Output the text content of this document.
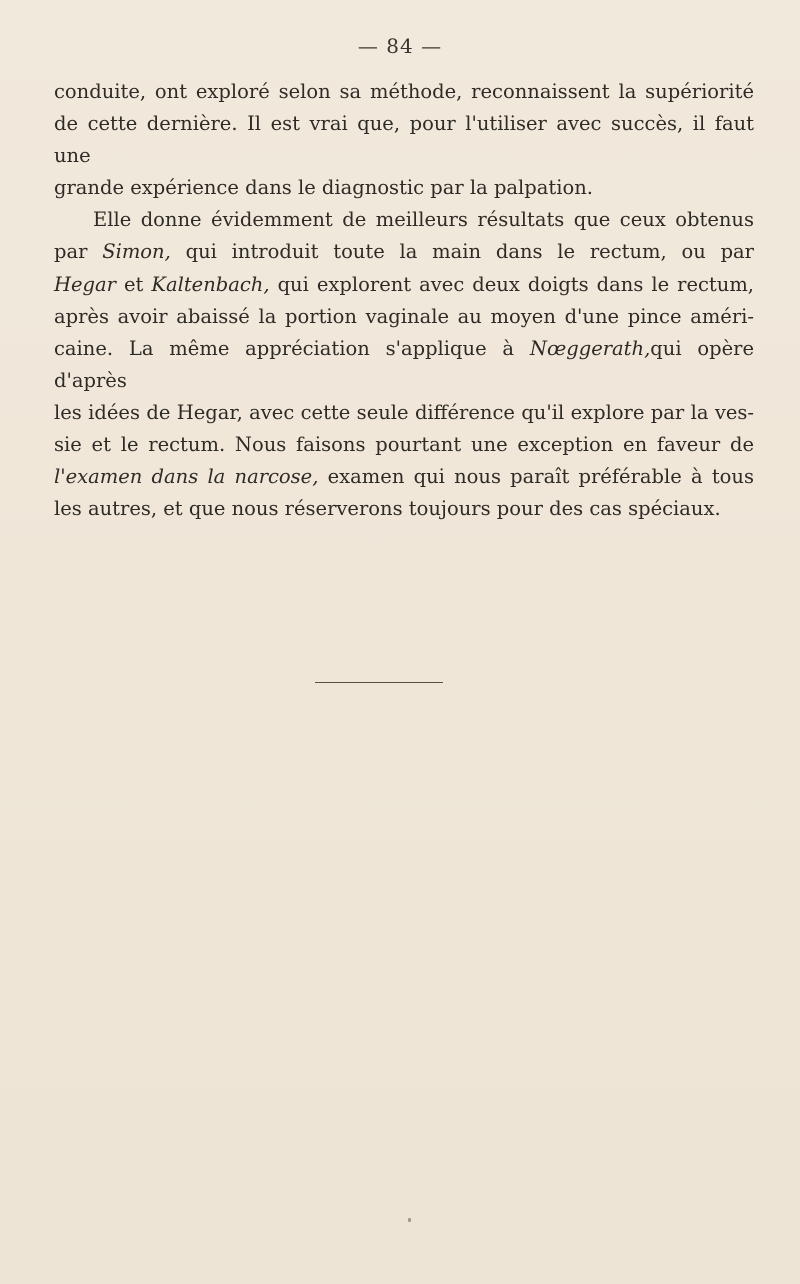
— 84 —
conduite, ont exploré selon sa méthode, reconnaissent la supériorité
de cette dernière. Il est vrai que, pour l'utiliser avec succès, il faut une
grande expérience dans le diagnostic par la palpation.
Elle donne évidemment de meilleurs résultats que ceux obtenus
par Simon, qui introduit toute la main dans le rectum, ou par
Hegar et Kaltenbach, qui explorent avec deux doigts dans le rectum,
après avoir abaissé la portion vaginale au moyen d'une pince améri-
caine. La même appréciation s'applique à Nœggerath,qui opère d'après
les idées de Hegar, avec cette seule différence qu'il explore par la ves-
sie et le rectum. Nous faisons pourtant une exception en faveur de
l'examen dans la narcose, examen qui nous paraît préférable à tous
les autres, et que nous réserverons toujours pour des cas spéciaux.
